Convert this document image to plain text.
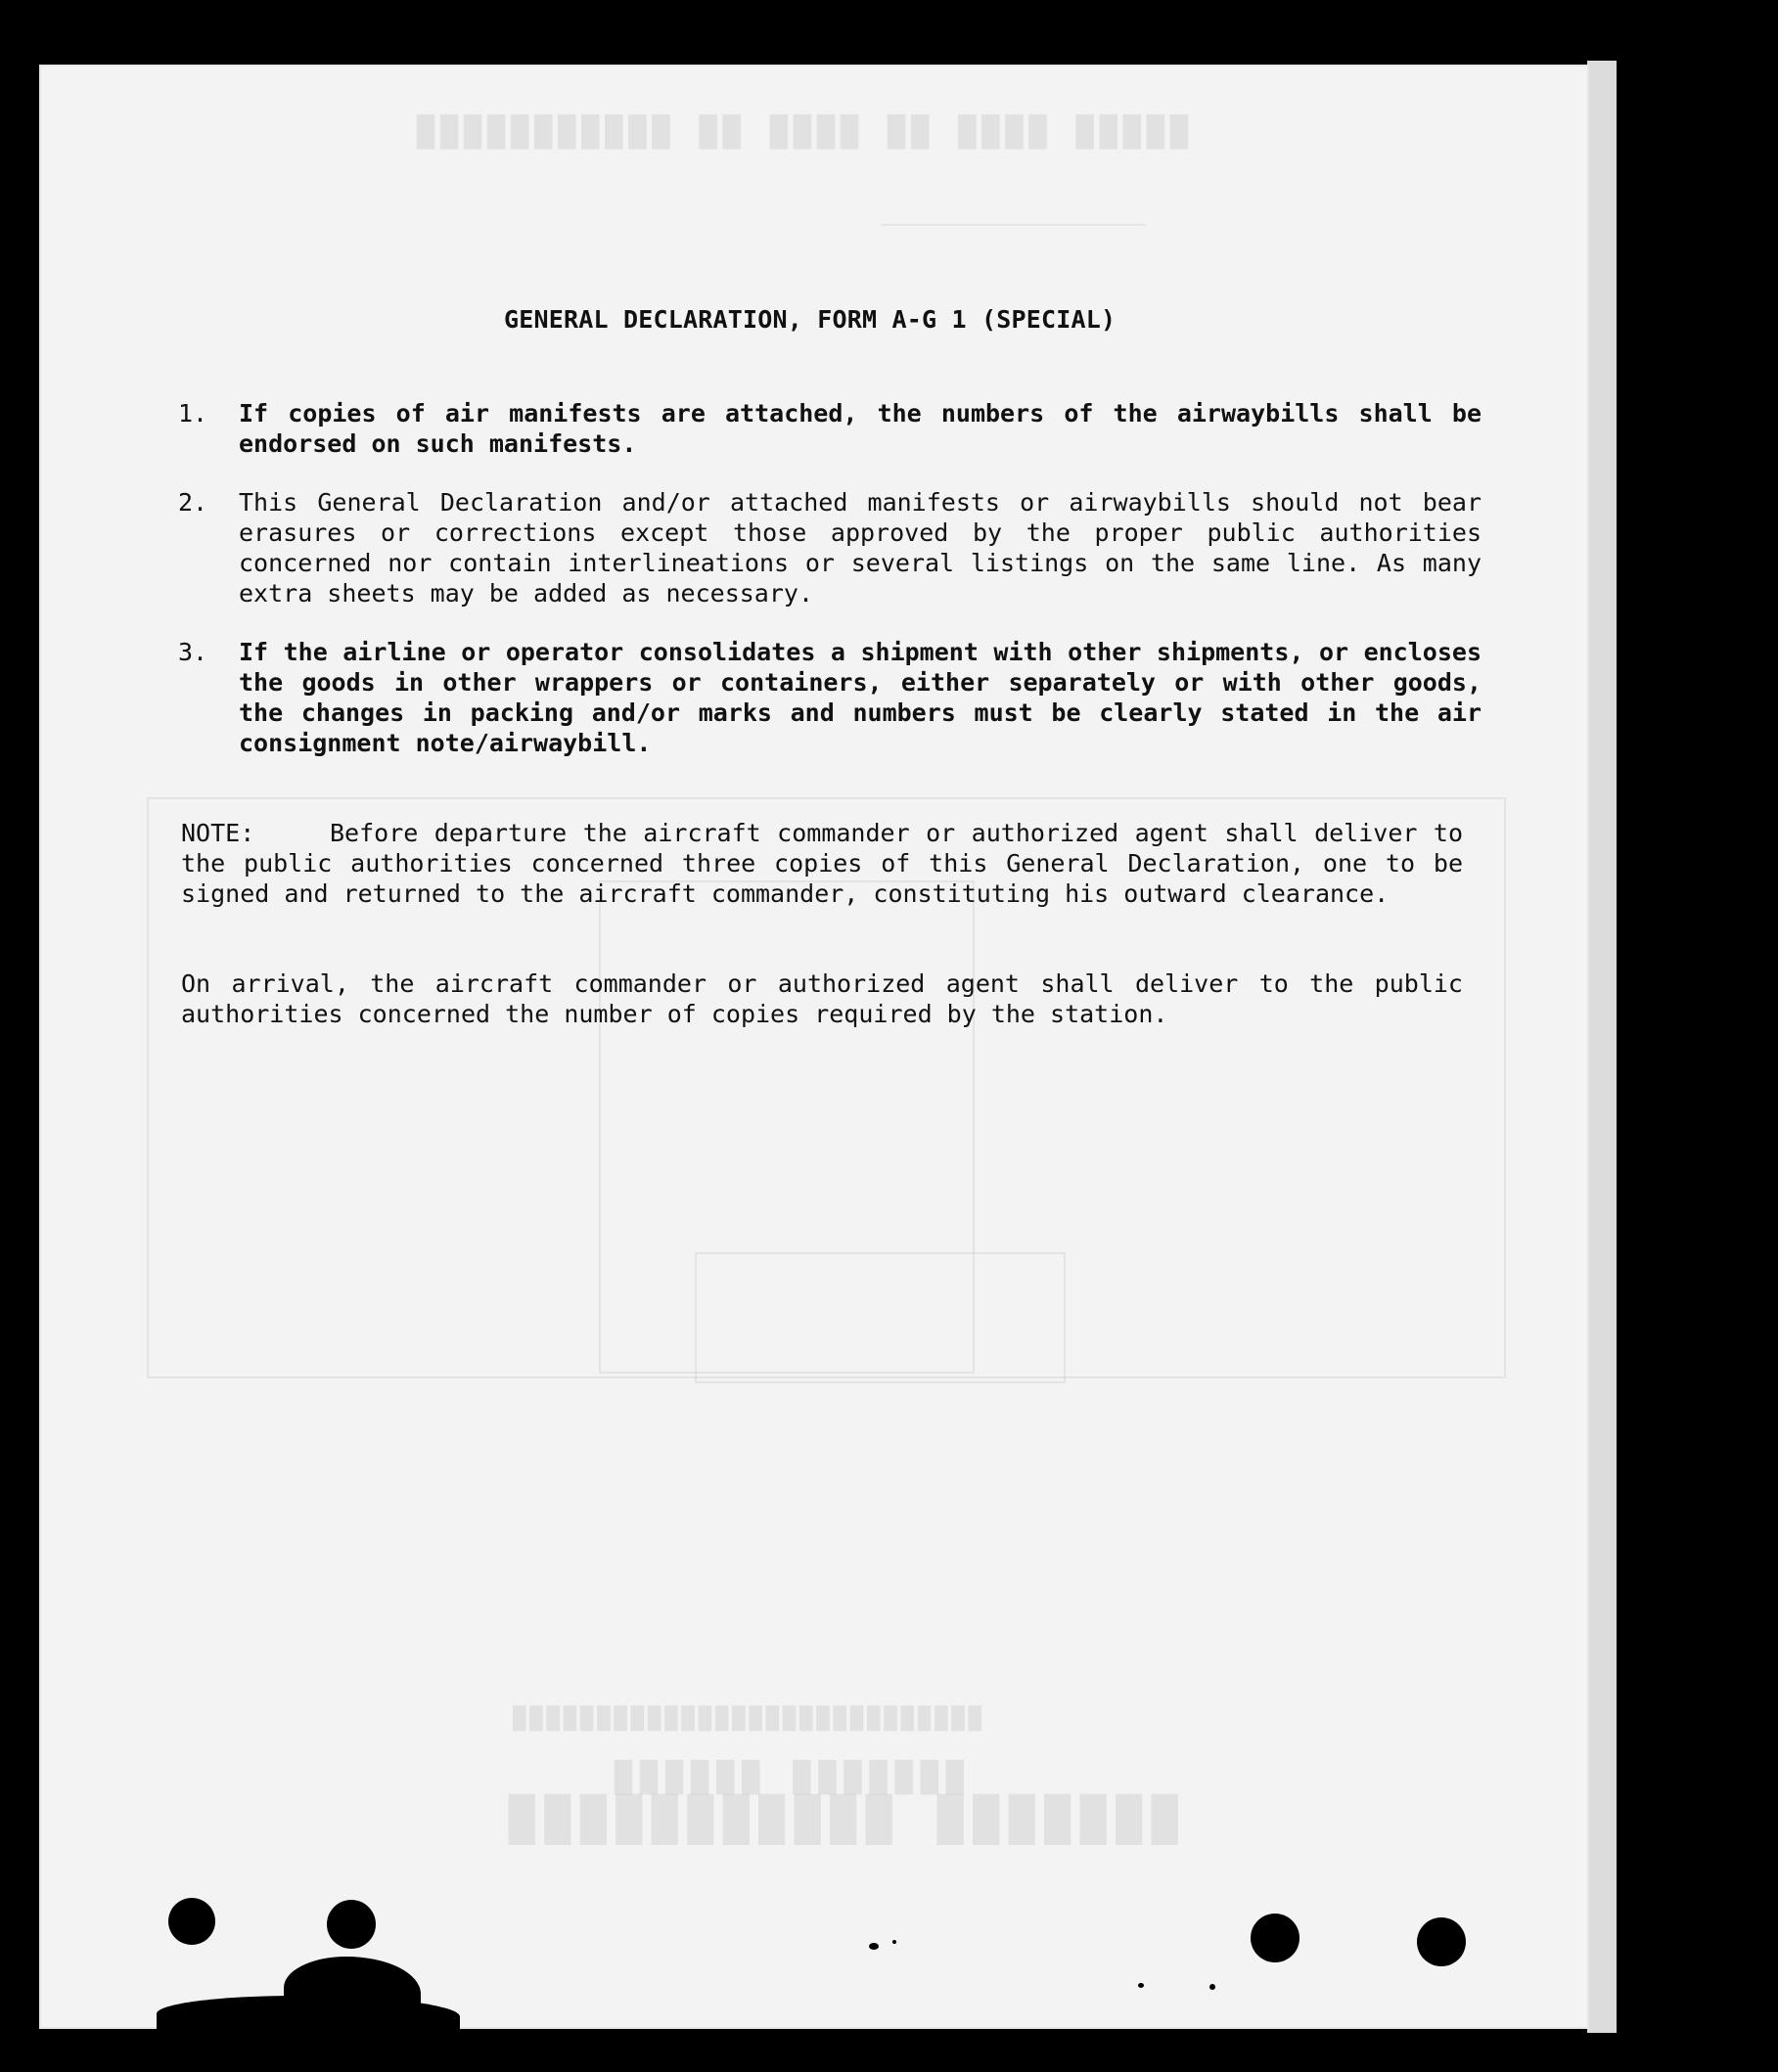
█████ ████ ██ ████ ██ ███████████
─────────────────────────
███████ ███████████
███████ ██████
████████████████████████████
GENERAL DECLARATION, FORM A-G 1 (SPECIAL)
1.	If copies of air manifests are attached, the numbers of the airwaybills shall be endorsed on such manifests.
2.	This General Declaration and/or attached manifests or airwaybills should not bear erasures or corrections except those approved by the proper public authorities concerned nor contain interlineations or several listings on the same line. As many extra sheets may be added as necessary.
3.	If the airline or operator consolidates a shipment with other shipments, or encloses the goods in other wrappers or containers, either separately or with other goods, the changes in packing and/or marks and numbers must be clearly stated in the air consignment note/airwaybill.
NOTE:	Before departure the aircraft commander or authorized agent shall deliver to the public authorities concerned three copies of this General Declaration, one to be signed and returned to the aircraft commander, constituting his outward clearance.
On arrival, the aircraft commander or authorized agent shall deliver to the public authorities concerned the number of copies required by the station.
